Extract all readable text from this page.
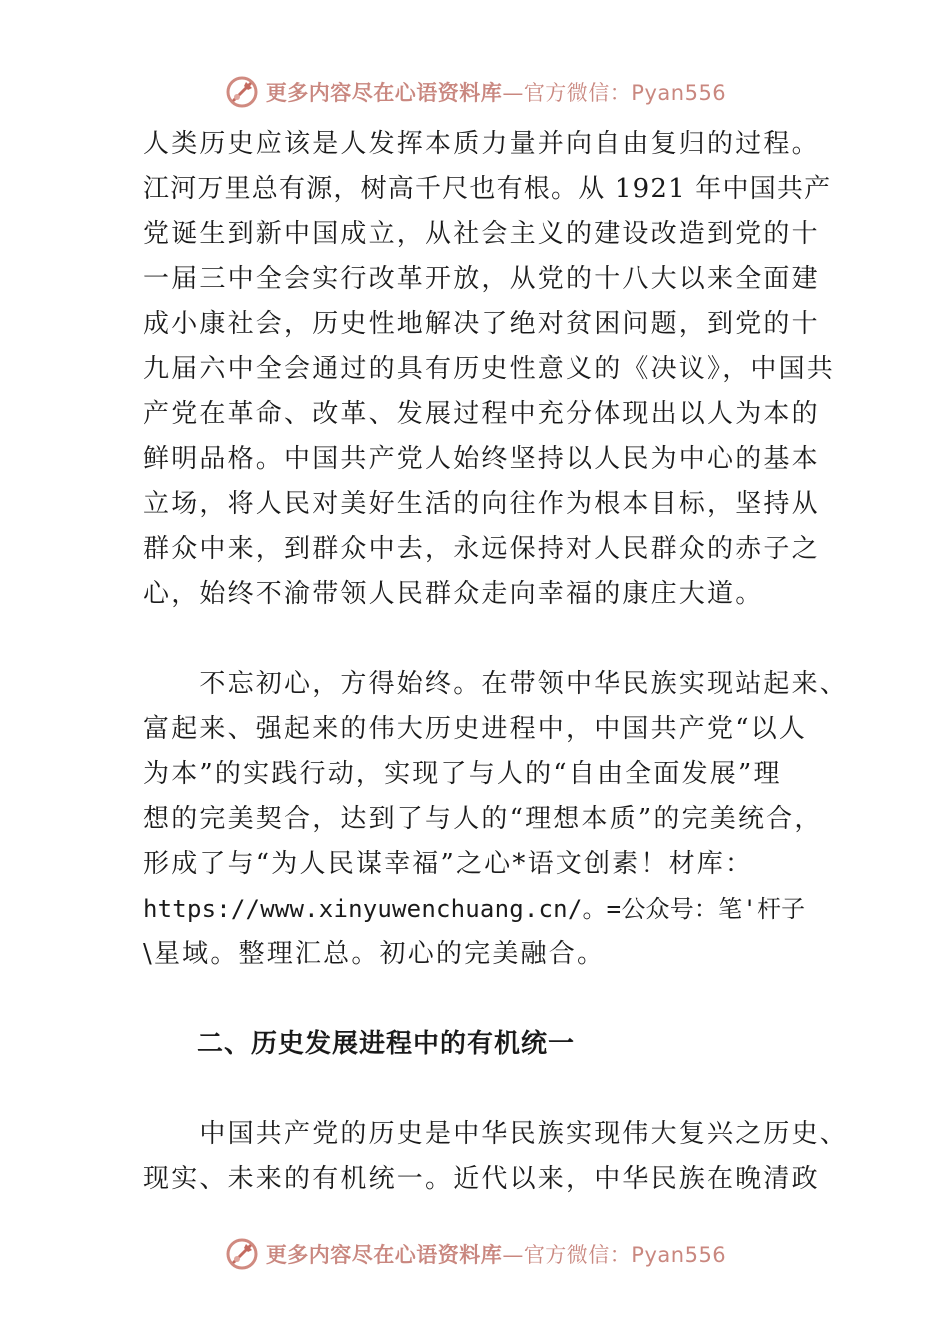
更多内容尽在心语资料库—官方微信：Pyan556
人类历史应该是人发挥本质力量并向自由复归的过程。
江河万里总有源，树高千尺也有根。从 1921 年中国共产
党诞生到新中国成立，从社会主义的建设改造到党的十
一届三中全会实行改革开放，从党的十八大以来全面建
成小康社会，历史性地解决了绝对贫困问题，到党的十
九届六中全会通过的具有历史性意义的《决议》，中国共
产党在革命、改革、发展过程中充分体现出以人为本的
鲜明品格。中国共产党人始终坚持以人民为中心的基本
立场，将人民对美好生活的向往作为根本目标，坚持从
群众中来，到群众中去，永远保持对人民群众的赤子之
心，始终不渝带领人民群众走向幸福的康庄大道。
　　不忘初心，方得始终。在带领中华民族实现站起来、
富起来、强起来的伟大历史进程中，中国共产党“以人
为本”的实践行动，实现了与人的“自由全面发展”理
想的完美契合，达到了与人的“理想本质”的完美统合，
形成了与“为人民谋幸福”之心*语文创素！材库：
https://www.xinyuwenchuang.cn/。=公众号：笔'杆子
\星域。整理汇总。初心的完美融合。
　　二、历史发展进程中的有机统一
　　中国共产党的历史是中华民族实现伟大复兴之历史、
现实、未来的有机统一。近代以来，中华民族在晚清政
更多内容尽在心语资料库—官方微信：Pyan556
